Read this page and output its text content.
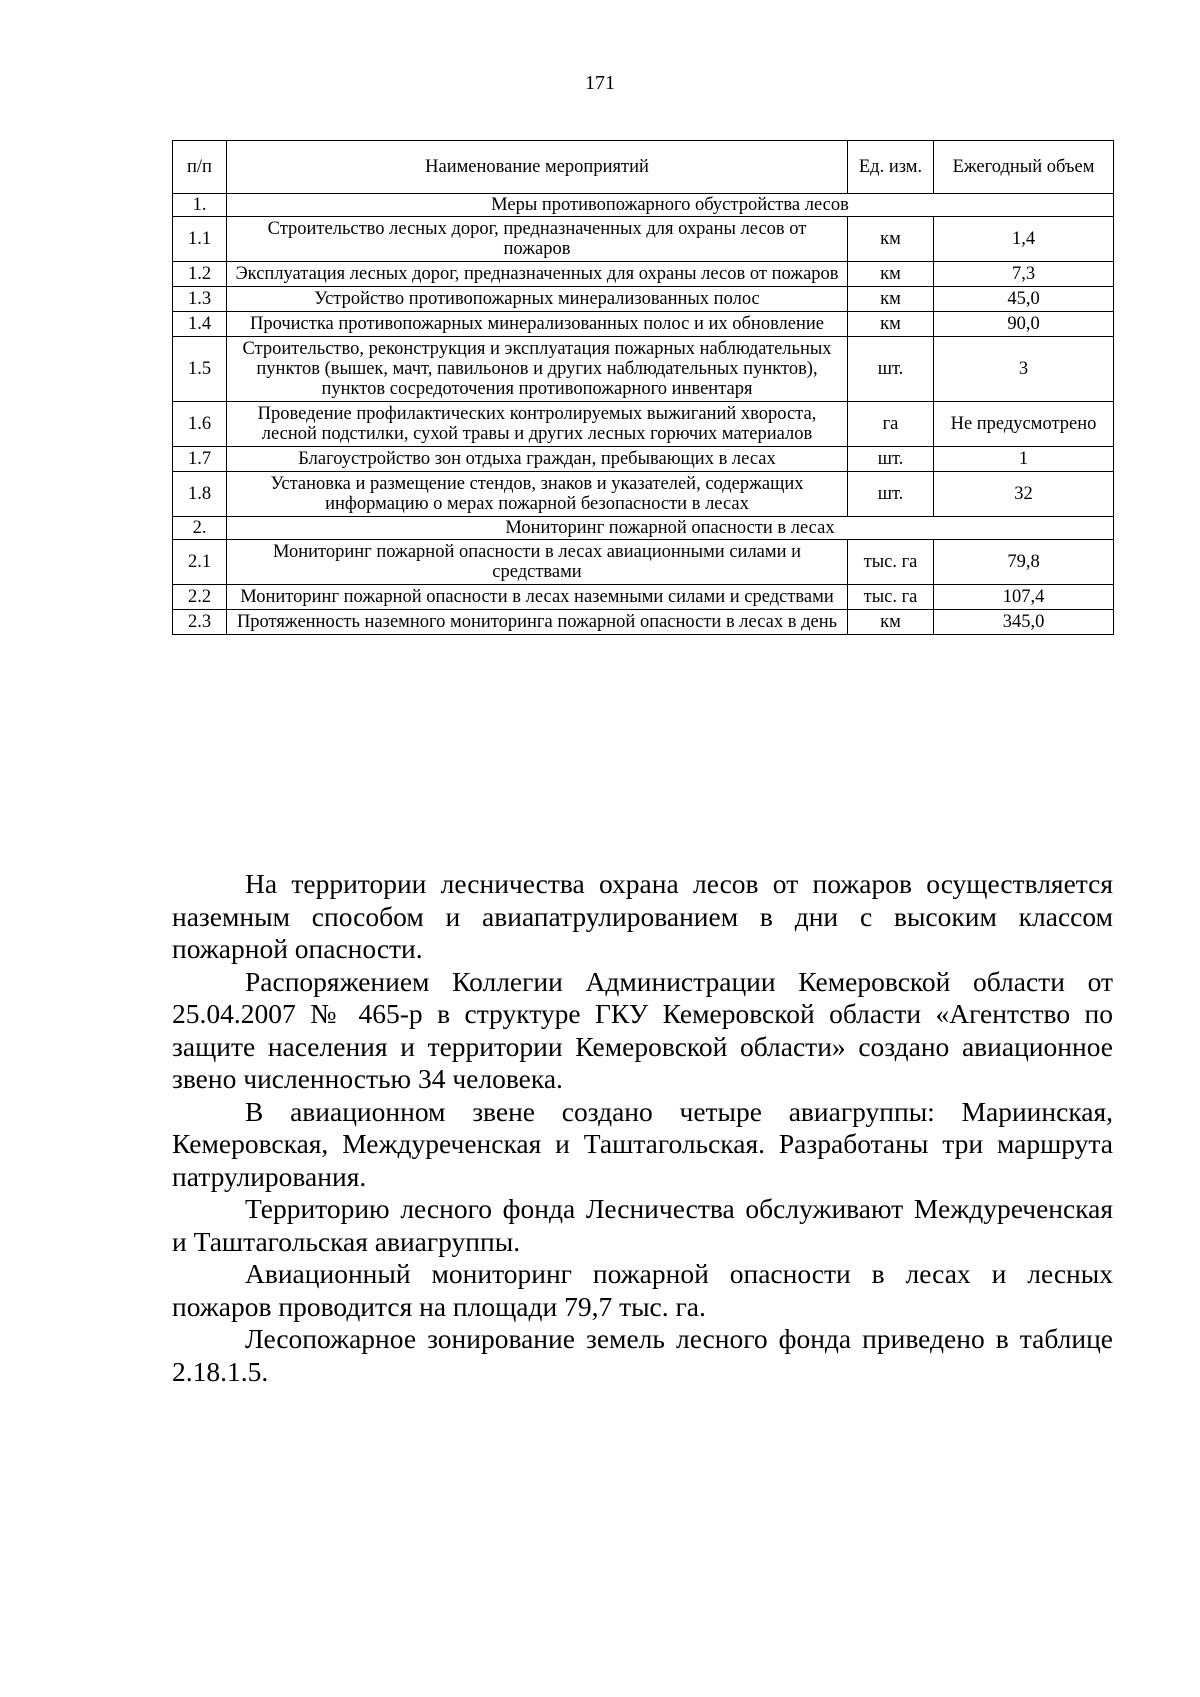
171
п/п	Наименование мероприятий	Ед. изм.	Ежегодный объем
1.	Меры противопожарного обустройства лесов		
1.1	Строительство лесных дорог, предназначенных для охраны лесов от пожаров	км	1,4
1.2	Эксплуатация лесных дорог, предназначенных для охраны лесов от пожаров	км	7,3
1.3	Устройство противопожарных минерализованных полос	км	45,0
1.4	Прочистка противопожарных минерализованных полос и их обновление	км	90,0
1.5	Строительство, реконструкция и эксплуатация пожарных наблюдательных пунктов (вышек, мачт, павильонов и других наблюдательных пунктов), пунктов сосредоточения противопожарного инвентаря	шт.	3
1.6	Проведение профилактических контролируемых выжиганий хвороста, лесной подстилки, сухой травы и других лесных горючих материалов	га	Не предусмотрено
1.7	Благоустройство зон отдыха граждан, пребывающих в лесах	шт.	1
1.8	Установка и размещение стендов, знаков и указателей, содержащих информацию о мерах пожарной безопасности в лесах	шт.	32
2.	Мониторинг пожарной опасности в лесах		
2.1	Мониторинг пожарной опасности в лесах авиационными силами и средствами	тыс. га	79,8
2.2	Мониторинг пожарной опасности в лесах наземными силами и средствами	тыс. га	107,4
2.3	Протяженность наземного мониторинга пожарной опасности в лесах в день	км	345,0

На территории лесничества охрана лесов от пожаров осуществляется наземным способом и авиапатрулированием в дни с высоким классом пожарной опасности.

Распоряжением Коллегии Администрации Кемеровской области от 25.04.2007 № 465-р в структуре ГКУ Кемеровской области «Агентство по защите населения и территории Кемеровской области» создано авиационное звено численностью 34 человека.

В авиационном звене создано четыре авиагруппы: Мариинская, Кемеровская, Междуреченская и Таштагольская. Разработаны три маршрута патрулирования.

Территорию лесного фонда Лесничества обслуживают Междуреченская и Таштагольская авиагруппы.

Авиационный мониторинг пожарной опасности в лесах и лесных пожаров проводится на площади 79,7 тыс. га.

Лесопожарное зонирование земель лесного фонда приведено в таблице 2.18.1.5.
